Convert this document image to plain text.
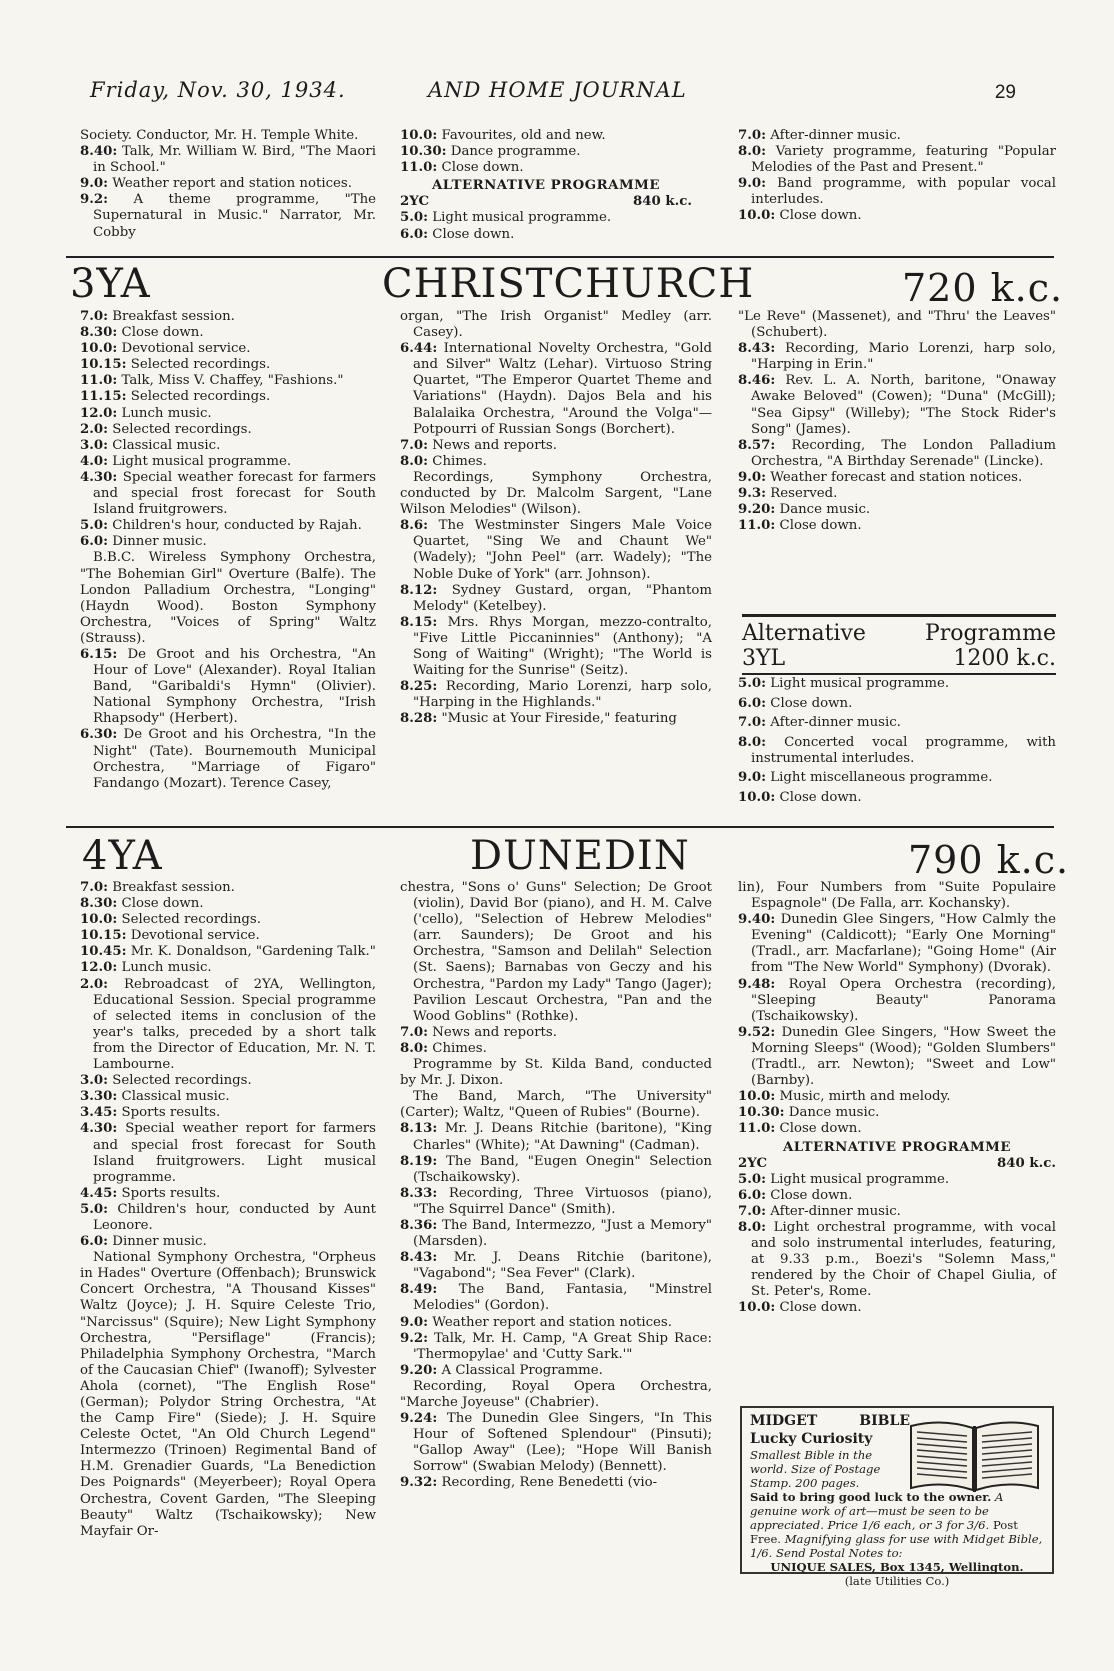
Friday, Nov. 30, 1934.	AND HOME JOURNAL	29

Society. Conductor, Mr. H. Temple White.

8.40: Talk, Mr. William W. Bird, "The Maori in School."

9.0: Weather report and station notices.

9.2: A theme programme, "The Supernatural in Music." Narrator, Mr. Cobby

10.0: Favourites, old and new.

10.30: Dance programme.

11.0: Close down.

ALTERNATIVE PROGRAMME

2YC	840 k.c.

5.0: Light musical programme.

6.0: Close down.

7.0: After-dinner music.

8.0: Variety programme, featuring "Popular Melodies of the Past and Present."

9.0: Band programme, with popular vocal interludes.

10.0: Close down.

3YA	CHRISTCHURCH	720 k.c.

7.0: Breakfast session.

8.30: Close down.

10.0: Devotional service.

10.15: Selected recordings.

11.0: Talk, Miss V. Chaffey, "Fashions."

11.15: Selected recordings.

12.0: Lunch music.

2.0: Selected recordings.

3.0: Classical music.

4.0: Light musical programme.

4.30: Special weather forecast for farmers and special frost forecast for South Island fruitgrowers.

5.0: Children's hour, conducted by Rajah.

6.0: Dinner music.

B.B.C. Wireless Symphony Orchestra, "The Bohemian Girl" Overture (Balfe). The London Palladium Orchestra, "Longing" (Haydn Wood). Boston Symphony Orchestra, "Voices of Spring" Waltz (Strauss).

6.15: De Groot and his Orchestra, "An Hour of Love" (Alexander). Royal Italian Band, "Garibaldi's Hymn" (Olivier). National Symphony Orchestra, "Irish Rhapsody" (Herbert).

6.30: De Groot and his Orchestra, "In the Night" (Tate). Bournemouth Municipal Orchestra, "Marriage of Figaro" Fandango (Mozart). Terence Casey,

organ, "The Irish Organist" Medley (arr. Casey).

6.44: International Novelty Orchestra, "Gold and Silver" Waltz (Lehar). Virtuoso String Quartet, "The Emperor Quartet Theme and Variations" (Haydn). Dajos Bela and his Balalaika Orchestra, "Around the Volga"—Potpourri of Russian Songs (Borchert).

7.0: News and reports.

8.0: Chimes.

Recordings, Symphony Orchestra, conducted by Dr. Malcolm Sargent, "Lane Wilson Melodies" (Wilson).

8.6: The Westminster Singers Male Voice Quartet, "Sing We and Chaunt We" (Wadely); "John Peel" (arr. Wadely); "The Noble Duke of York" (arr. Johnson).

8.12: Sydney Gustard, organ, "Phantom Melody" (Ketelbey).

8.15: Mrs. Rhys Morgan, mezzo-contralto, "Five Little Piccaninnies" (Anthony); "A Song of Waiting" (Wright); "The World is Waiting for the Sunrise" (Seitz).

8.25: Recording, Mario Lorenzi, harp solo, "Harping in the Highlands."

8.28: "Music at Your Fireside," featuring

"Le Reve" (Massenet), and "Thru' the Leaves" (Schubert).

8.43: Recording, Mario Lorenzi, harp solo, "Harping in Erin."

8.46: Rev. L. A. North, baritone, "Onaway Awake Beloved" (Cowen); "Duna" (McGill); "Sea Gipsy" (Willeby); "The Stock Rider's Song" (James).

8.57: Recording, The London Palladium Orchestra, "A Birthday Serenade" (Lincke).

9.0: Weather forecast and station notices.

9.3: Reserved.

9.20: Dance music.

11.0: Close down.

Alternative	Programme
3YL	1200 k.c.

5.0: Light musical programme.

6.0: Close down.

7.0: After-dinner music.

8.0: Concerted vocal programme, with instrumental interludes.

9.0: Light miscellaneous programme.

10.0: Close down.

4YA	DUNEDIN	790 k.c.

7.0: Breakfast session.

8.30: Close down.

10.0: Selected recordings.

10.15: Devotional service.

10.45: Mr. K. Donaldson, "Gardening Talk."

12.0: Lunch music.

2.0: Rebroadcast of 2YA, Wellington, Educational Session. Special programme of selected items in conclusion of the year's talks, preceded by a short talk from the Director of Education, Mr. N. T. Lambourne.

3.0: Selected recordings.

3.30: Classical music.

3.45: Sports results.

4.30: Special weather report for farmers and special frost forecast for South Island fruitgrowers. Light musical programme.

4.45: Sports results.

5.0: Children's hour, conducted by Aunt Leonore.

6.0: Dinner music.

National Symphony Orchestra, "Orpheus in Hades" Overture (Offenbach); Brunswick Concert Orchestra, "A Thousand Kisses" Waltz (Joyce); J. H. Squire Celeste Trio, "Narcissus" (Squire); New Light Symphony Orchestra, "Persiflage" (Francis); Philadelphia Symphony Orchestra, "March of the Caucasian Chief" (Iwanoff); Sylvester Ahola (cornet), "The English Rose" (German); Polydor String Orchestra, "At the Camp Fire" (Siede); J. H. Squire Celeste Octet, "An Old Church Legend" Intermezzo (Trinoen) Regimental Band of H.M. Grenadier Guards, "La Benediction Des Poignards" (Meyerbeer); Royal Opera Orchestra, Covent Garden, "The Sleeping Beauty" Waltz (Tschaikowsky); New Mayfair Or-

chestra, "Sons o' Guns" Selection; De Groot (violin), David Bor (piano), and H. M. Calve ('cello), "Selection of Hebrew Melodies" (arr. Saunders); De Groot and his Orchestra, "Samson and Delilah" Selection (St. Saens); Barnabas von Geczy and his Orchestra, "Pardon my Lady" Tango (Jager); Pavilion Lescaut Orchestra, "Pan and the Wood Goblins" (Rothke).

7.0: News and reports.

8.0: Chimes.

Programme by St. Kilda Band, conducted by Mr. J. Dixon.

The Band, March, "The University" (Carter); Waltz, "Queen of Rubies" (Bourne).

8.13: Mr. J. Deans Ritchie (baritone), "King Charles" (White); "At Dawning" (Cadman).

8.19: The Band, "Eugen Onegin" Selection (Tschaikowsky).

8.33: Recording, Three Virtuosos (piano), "The Squirrel Dance" (Smith).

8.36: The Band, Intermezzo, "Just a Memory" (Marsden).

8.43: Mr. J. Deans Ritchie (baritone), "Vagabond"; "Sea Fever" (Clark).

8.49: The Band, Fantasia, "Minstrel Melodies" (Gordon).

9.0: Weather report and station notices.

9.2: Talk, Mr. H. Camp, "A Great Ship Race: 'Thermopylae' and 'Cutty Sark.'"

9.20: A Classical Programme.

Recording, Royal Opera Orchestra, "Marche Joyeuse" (Chabrier).

9.24: The Dunedin Glee Singers, "In This Hour of Softened Splendour" (Pinsuti); "Gallop Away" (Lee); "Hope Will Banish Sorrow" (Swabian Melody) (Bennett).

9.32: Recording, Rene Benedetti (vio-

lin), Four Numbers from "Suite Populaire Espagnole" (De Falla, arr. Kochansky).

9.40: Dunedin Glee Singers, "How Calmly the Evening" (Caldicott); "Early One Morning" (Tradl., arr. Macfarlane); "Going Home" (Air from "The New World" Symphony) (Dvorak).

9.48: Royal Opera Orchestra (recording), "Sleeping Beauty" Panorama (Tschaikowsky).

9.52: Dunedin Glee Singers, "How Sweet the Morning Sleeps" (Wood); "Golden Slumbers" (Tradtl., arr. Newton); "Sweet and Low" (Barnby).

10.0: Music, mirth and melody.

10.30: Dance music.

11.0: Close down.

ALTERNATIVE PROGRAMME

2YC	840 k.c.

5.0: Light musical programme.

6.0: Close down.

7.0: After-dinner music.

8.0: Light orchestral programme, with vocal and solo instrumental interludes, featuring, at 9.33 p.m., Boezi's "Solemn Mass," rendered by the Choir of Chapel Giulia, of St. Peter's, Rome.

10.0: Close down.

MIDGET	BIBLE
Lucky Curiosity
Smallest Bible in the world. Size of Postage Stamp. 200 pages.
Said to bring good luck to the owner. A genuine work of art—must be seen to be appreciated. Price 1/6 each, or 3 for 3/6. Post Free. Magnifying glass for use with Midget Bible, 1/6. Send Postal Notes to:
UNIQUE SALES, Box 1345, Wellington.
(late Utilities Co.)
